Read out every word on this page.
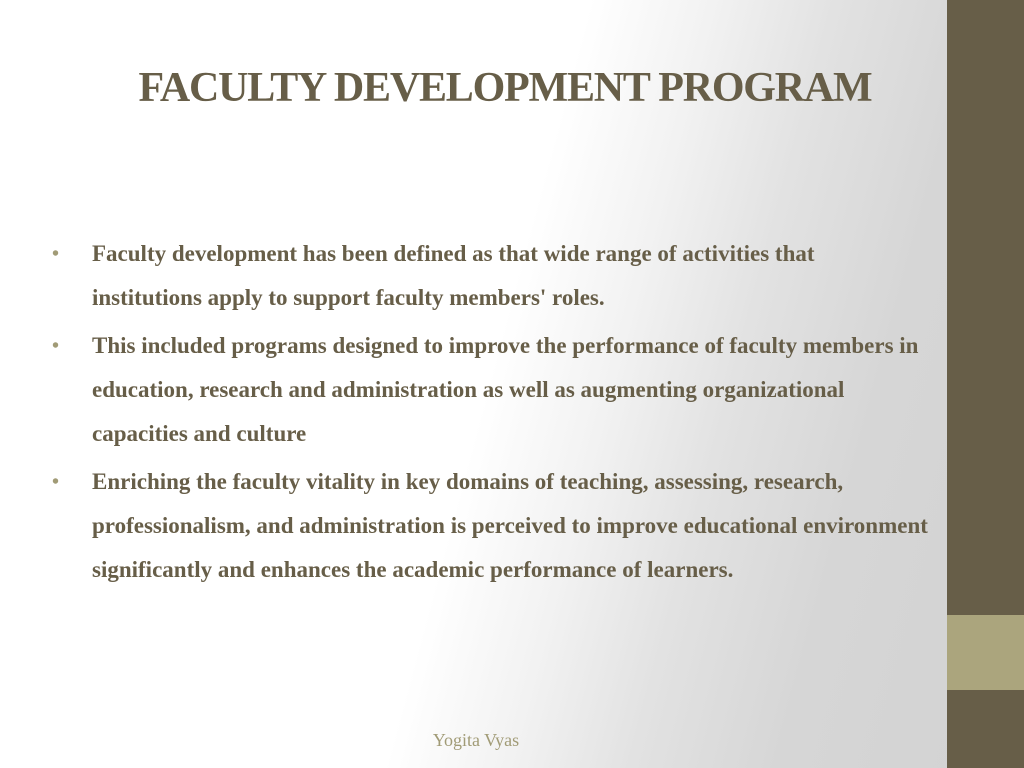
FACULTY DEVELOPMENT PROGRAM
• Faculty development has been defined as that wide range of activities that institutions apply to support faculty members' roles.
• This included programs designed to improve the performance of faculty members in education, research and administration as well as augmenting organizational capacities and culture
• Enriching the faculty vitality in key domains of teaching, assessing, research, professionalism, and administration is perceived to improve educational environment significantly and enhances the academic performance of learners.
Yogita Vyas
